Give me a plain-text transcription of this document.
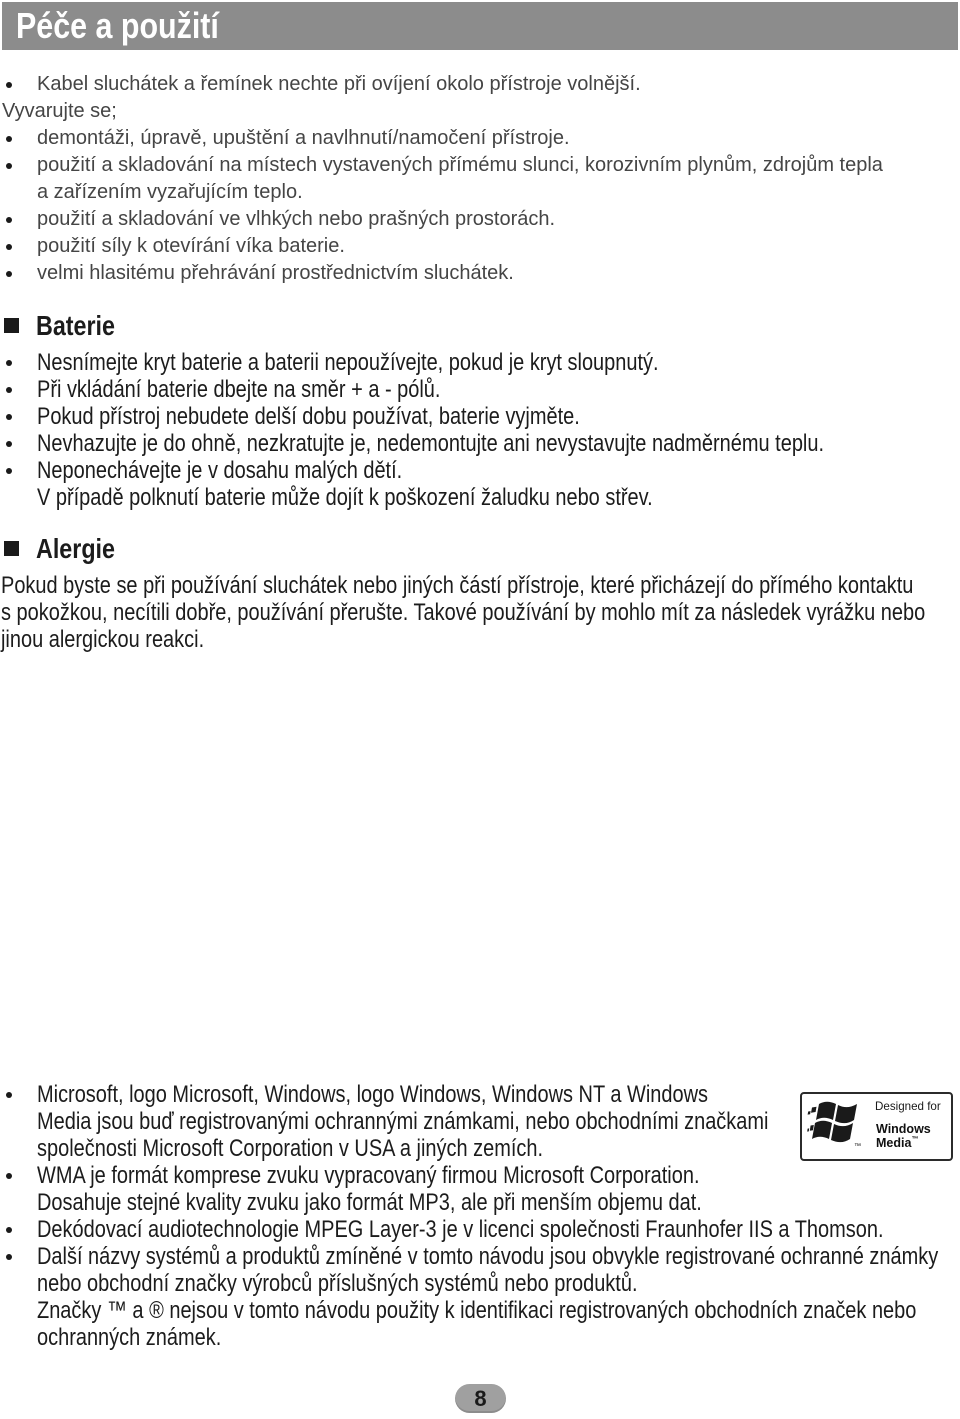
Péče a použití
Kabel sluchátek a řemínek nechte při ovíjení okolo přístroje volnější.
Vyvarujte se;
demontáži, úpravě, upuštění a navlhnutí/namočení přístroje.
použití a skladování na místech vystavených přímému slunci, korozivním plynům, zdrojům tepla
a zařízením vyzařujícím teplo.
použití a skladování ve vlhkých nebo prašných prostorách.
použití síly k otevírání víka baterie.
velmi hlasitému přehrávání prostřednictvím sluchátek.
Baterie
Nesnímejte kryt baterie a baterii nepoužívejte, pokud je kryt sloupnutý.
Při vkládání baterie dbejte na směr + a - pólů.
Pokud přístroj nebudete delší dobu používat, baterie vyjměte.
Nevhazujte je do ohně, nezkratujte je, nedemontujte ani nevystavujte nadměrnému teplu.
Neponechávejte je v dosahu malých dětí.
V případě polknutí baterie může dojít k poškození žaludku nebo střev.
Alergie
Pokud byste se při používání sluchátek nebo jiných částí přístroje, které přicházejí do přímého kontaktu
s pokožkou, necítili dobře, používání přerušte. Takové používání by mohlo mít za následek vyrážku nebo
jinou alergickou reakci.
Microsoft, logo Microsoft, Windows, logo Windows, Windows NT a Windows
Media jsou buď registrovanými ochrannými známkami, nebo obchodními značkami
společnosti Microsoft Corporation v USA a jiných zemích.
WMA je formát komprese zvuku vypracovaný firmou Microsoft Corporation.
Dosahuje stejné kvality zvuku jako formát MP3, ale při menším objemu dat.
Dekódovací audiotechnologie MPEG Layer-3 je v licenci společnosti Fraunhofer IIS a Thomson.
Další názvy systémů a produktů zmíněné v tomto návodu jsou obvykle registrované ochranné známky
nebo obchodní značky výrobců příslušných systémů nebo produktů.
Značky ™ a ® nejsou v tomto návodu použity k identifikaci registrovaných obchodních značek nebo
ochranných známek.
Designed for
Windows
Media™
™
8
